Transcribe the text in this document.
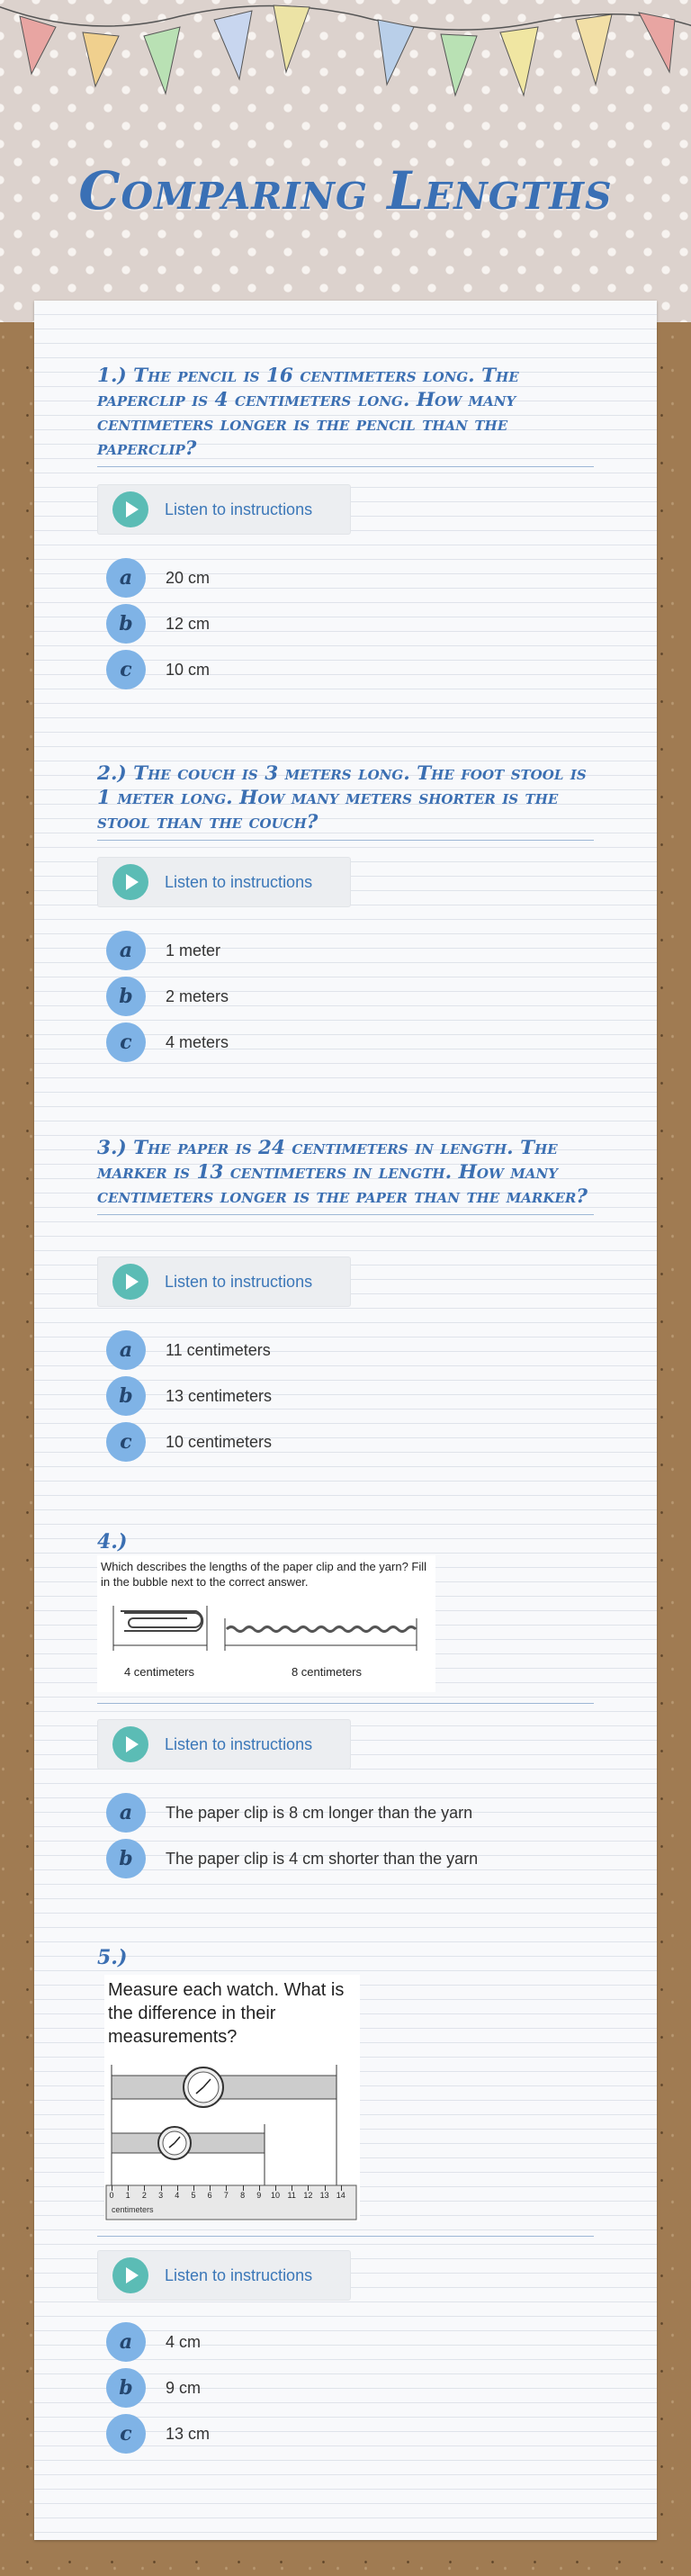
Comparing Lengths
1.) The pencil is 16 centimeters long. The paperclip is 4 centimeters long. How many centimeters longer is the pencil than the paperclip?
Listen to instructions
a	20 cm
b	12 cm
c	10 cm
2.) The couch is 3 meters long. The foot stool is 1 meter long. How many meters shorter is the stool than the couch?
Listen to instructions
a	1 meter
b	2 meters
c	4 meters
3.) The paper is 24 centimeters in length. The marker is 13 centimeters in length. How many centimeters longer is the paper than the marker?
Listen to instructions
a	11 centimeters
b	13 centimeters
c	10 centimeters
4.)
Which describes the lengths of the paper clip and the yarn? Fill in the bubble next to the correct answer.
4 centimeters	8 centimeters
Listen to instructions
a	The paper clip is 8 cm longer than the yarn
b	The paper clip is 4 cm shorter than the yarn
5.)
Measure each watch. What is the difference in their measurements?
0 1 2 3 4 5 6 7 8 9 10 11 12 13 14
centimeters
Listen to instructions
a	4 cm
b	9 cm
c	13 cm
